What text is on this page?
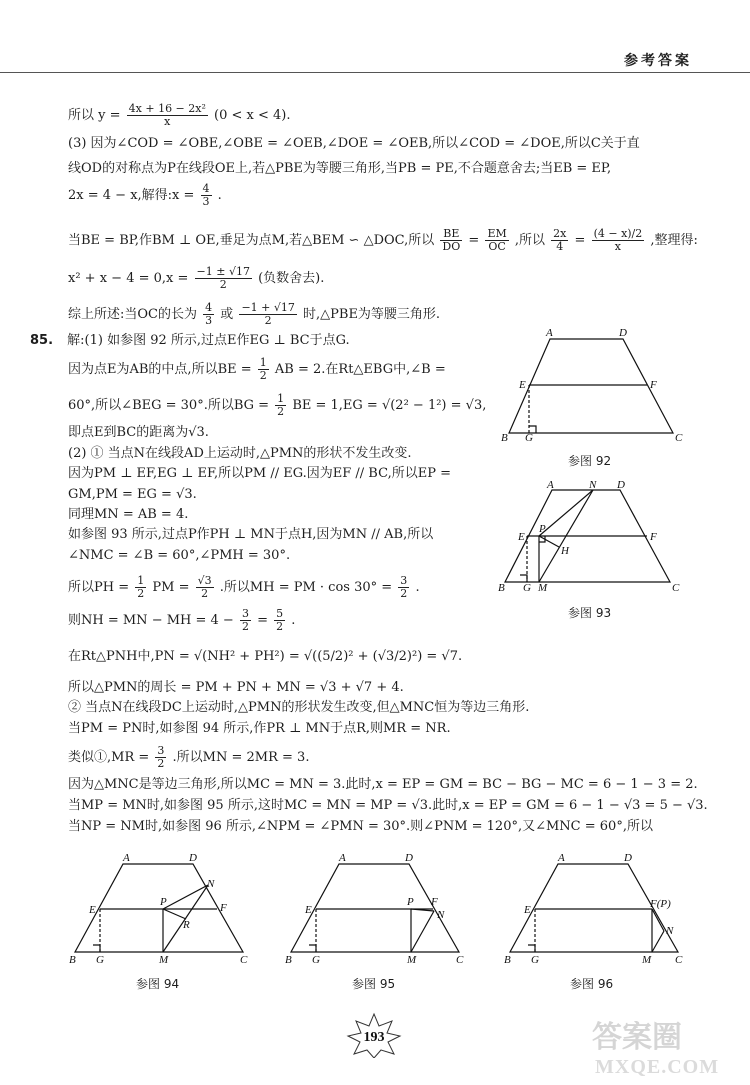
参考答案
所以 $y = \frac{\text{4x + 16 − 2x²}}{x} (0 < x < 4)$.
(3) 因为∠COD = ∠OBE,∠OBE = ∠OEB,∠DOE = ∠OEB,所以∠COD = ∠DOE,所以C关于直
线OD的对称点为P在线段OE上,若△PBE为等腰三角形,当PB = PE,不合题意舍去;当EB = EP,
2x = 4 − x,解得:x = $\frac{4}{3}$ .
当BE = BP,作BM ⊥ OE,垂足为点M,若△BEM ∽ △DOC,所以 $\frac{BE}{DO} = \frac{EM}{OC}$ ,所以 $\frac{2x}{4} = \frac{(4 - x)/2}{x}$ ,整理得:
$x^2 + x - 4 = 0,x = \frac{-1 \pm √17}{2}$ (负数舍去).
综上所述:当OC的长为 $\frac{4}{3}$ 或 $\frac{-1 + √17}{2}$ 时,△PBE为等腰三角形.
85. 解:(1) 如参图 92 所示,过点E作EG ⊥ BC于点G.
因为点E为AB的中点,所以BE = $\frac{1}{2}$ AB = 2.在Rt△EBG中,∠B =
60°,所以∠BEG = 30°.所以BG = $\frac{1}{2}$ BE = 1,EG = √(2² − 1²) = √3,
即点E到BC的距离为√3.
(2) ① 当点N在线段AD上运动时,△PMN的形状不发生改变.
因为PM ⊥ EF,EG ⊥ EF,所以PM // EG.因为EF // BC,所以EP =
GM,PM = EG = √3.
同理MN = AB = 4.
如参图 93 所示,过点P作PH ⊥ MN于点H,因为MN // AB,所以
∠NMC = ∠B = 60°,∠PMH = 30°.
所以PH = $\frac{1}{2}$ PM = $\frac{√3}{2}$ .所以MH = PM · $\cos 30^\circ = \frac{3}{2}$ .
则NH = MN − MH = $4 - \frac{3}{2} = \frac{5}{2}$ .
在Rt△PNH中,PN = √(NH² + PH²) = √((5/2)² + (√3/2)²) = √7.
所以△PMN的周长 = PM + PN + MN = √3 + √7 + 4.
② 当点N在线段DC上运动时,△PMN的形状发生改变,但△MNC恒为等边三角形.
当PM = PN时,如参图 94 所示,作PR ⊥ MN于点R,则MR = NR.
类似①,MR = $\frac{3}{2}$ .所以MN = 2MR = 3.
因为△MNC是等边三角形,所以MC = MN = 3.此时,x = EP = GM = BC − BG − MC = 6 − 1 − 3 = 2.
当MP = MN时,如参图 95 所示,这时MC = MN = MP = √3.此时,x = EP = GM = 6 − 1 − √3 = 5 − √3.
当NP = NM时,如参图 96 所示,∠NPM = ∠PMN = 30°.则∠PNM = 120°,又∠MNC = 60°,所以
A	D
E	F
B G	C
参图 92
A	N D
E
P
F
H
B G M	C
参图 93
A	D
N
E
P	F
R
B G	M	C
参图 94
A	D
E
P F
N
B G	M	C
参图 95
A	D
E	F(P)
N
B G	M C
参图 96
193	答案圈
MXQE.COM
